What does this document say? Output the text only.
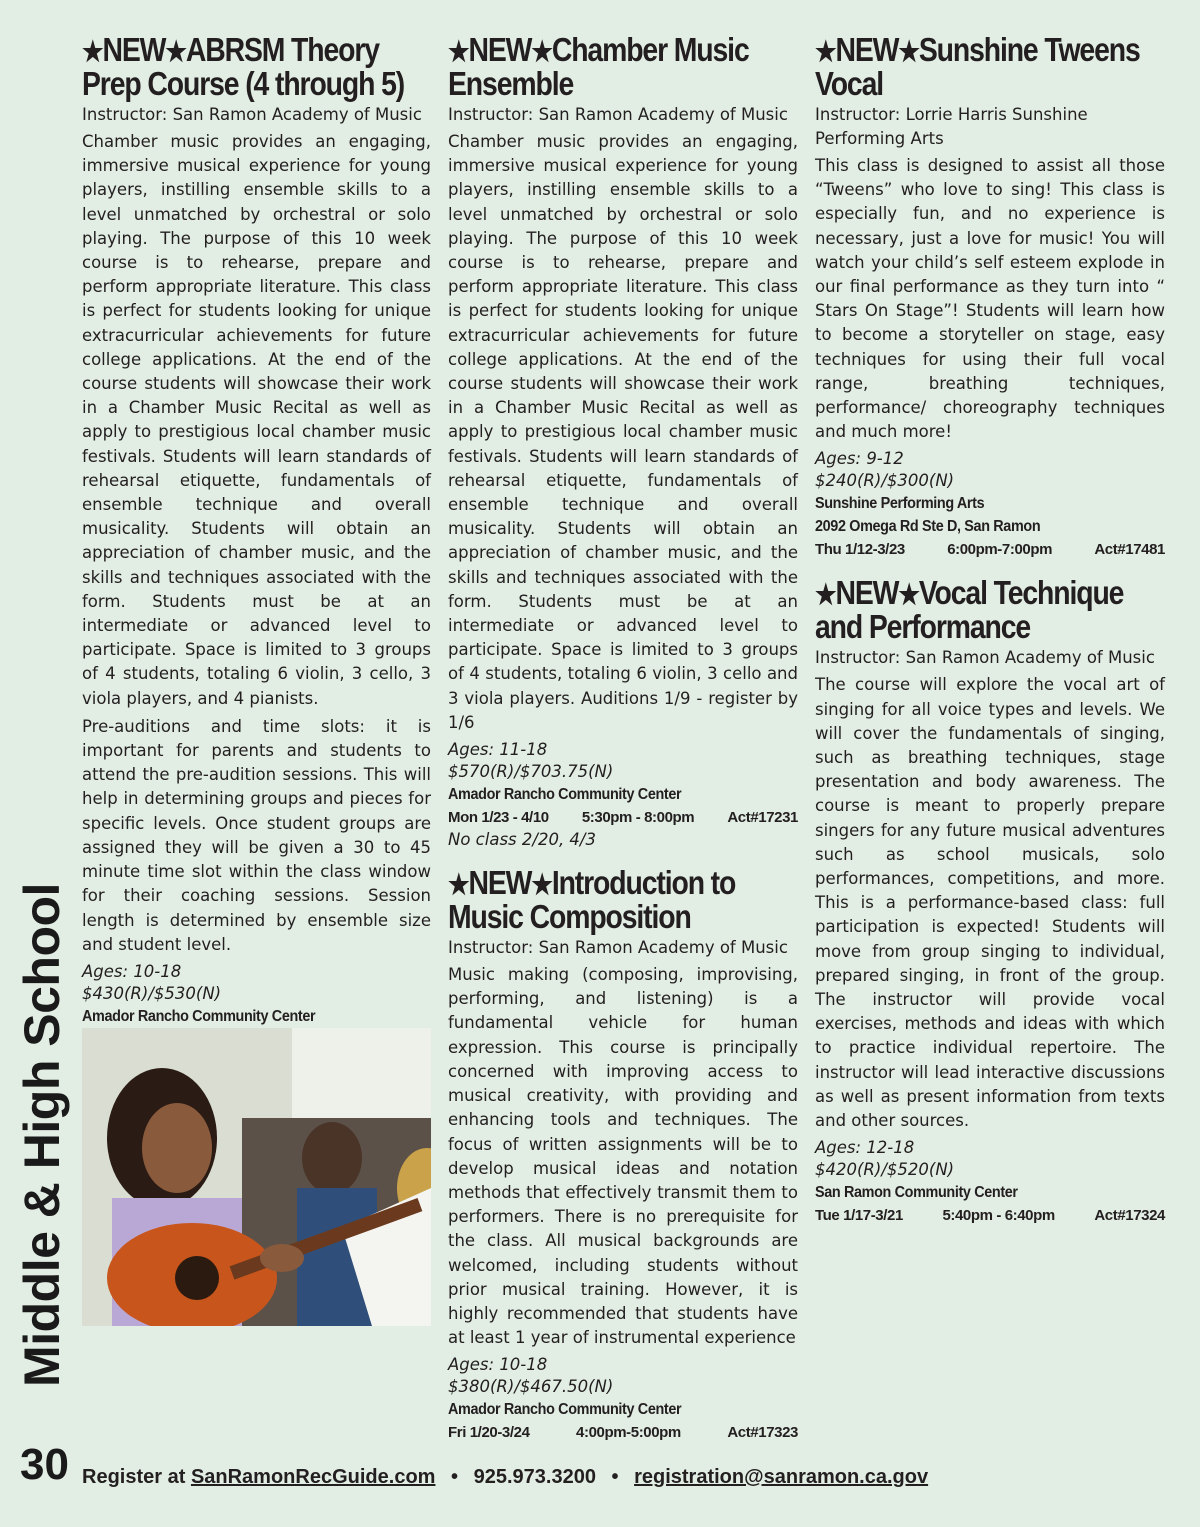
★NEW★ABRSM Theory Prep Course (4 through 5)
Instructor: San Ramon Academy of Music

Chamber music provides an engaging, immersive musical experience for young players, instilling ensemble skills to a level unmatched by orchestral or solo playing. The purpose of this 10 week course is to rehearse, prepare and perform appropriate literature. This class is perfect for students looking for unique extracurricular achievements for future college applications. At the end of the course students will showcase their work in a Chamber Music Recital as well as apply to prestigious local chamber music festivals. Students will learn standards of rehearsal etiquette, fundamentals of ensemble technique and overall musicality. Students will obtain an appreciation of chamber music, and the skills and techniques associated with the form. Students must be at an intermediate or advanced level to participate. Space is limited to 3 groups of 4 students, totaling 6 violin, 3 cello, 3 viola players, and 4 pianists.

Pre-auditions and time slots: it is important for parents and students to attend the pre-audition sessions. This will help in determining groups and pieces for specific levels. Once student groups are assigned they will be given a 30 to 45 minute time slot within the class window for their coaching sessions. Session length is determined by ensemble size and student level.

Ages: 10-18

$430(R)/$530(N)

Amador Rancho Community Center
★NEW★Chamber Music Ensemble
Instructor: San Ramon Academy of Music

Chamber music provides an engaging, immersive musical experience for young players, instilling ensemble skills to a level unmatched by orchestral or solo playing. The purpose of this 10 week course is to rehearse, prepare and perform appropriate literature. This class is perfect for students looking for unique extracurricular achievements for future college applications. At the end of the course students will showcase their work in a Chamber Music Recital as well as apply to prestigious local chamber music festivals. Students will learn standards of rehearsal etiquette, fundamentals of ensemble technique and overall musicality. Students will obtain an appreciation of chamber music, and the skills and techniques associated with the form. Students must be at an intermediate or advanced level to participate. Space is limited to 3 groups of 4 students, totaling 6 violin, 3 cello and 3 viola players. Auditions 1/9 - register by 1/6

Ages: 11-18

$570(R)/$703.75(N)

Amador Rancho Community Center
Mon 1/23 - 4/10 5:30pm - 8:00pm Act#17231
No class 2/20, 4/3
★NEW★Introduction to Music Composition
Instructor: San Ramon Academy of Music

Music making (composing, improvising, performing, and listening) is a fundamental vehicle for human expression. This course is principally concerned with improving access to musical creativity, with providing and enhancing tools and techniques. The focus of written assignments will be to develop musical ideas and notation methods that effectively transmit them to performers. There is no prerequisite for the class. All musical backgrounds are welcomed, including students without prior musical training. However, it is highly recommended that students have at least 1 year of instrumental experience

Ages: 10-18

$380(R)/$467.50(N)

Amador Rancho Community Center
Fri 1/20-3/24	4:00pm-5:00pm	Act#17323
★NEW★Sunshine Tweens Vocal
Instructor: Lorrie Harris Sunshine Performing Arts

This class is designed to assist all those “Tweens” who love to sing! This class is especially fun, and no experience is necessary, just a love for music! You will watch your child’s self esteem explode in our final performance as they turn into “ Stars On Stage”! Students will learn how to become a storyteller on stage, easy techniques for using their full vocal range, breathing techniques, performance/ choreography techniques and much more!

Ages: 9-12

$240(R)/$300(N)

Sunshine Performing Arts
2092 Omega Rd Ste D, San Ramon
Thu 1/12-3/23	6:00pm-7:00pm	Act#17481
★NEW★Vocal Technique and Performance
Instructor: San Ramon Academy of Music

The course will explore the vocal art of singing for all voice types and levels. We will cover the fundamentals of singing, such as breathing techniques, stage presentation and body awareness. The course is meant to properly prepare singers for any future musical adventures such as school musicals, solo performances, competitions, and more. This is a performance-based class: full participation is expected! Students will move from group singing to individual, prepared singing, in front of the group. The instructor will provide vocal exercises, methods and ideas with which to practice individual repertoire. The instructor will lead interactive discussions as well as present information from texts and other sources.

Ages: 12-18

$420(R)/$520(N)

San Ramon Community Center
Tue 1/17-3/21	5:40pm - 6:40pm	Act#17324
Middle & High School
30 Register at SanRamonRecGuide.com • 925.973.3200 • registration@sanramon.ca.gov
